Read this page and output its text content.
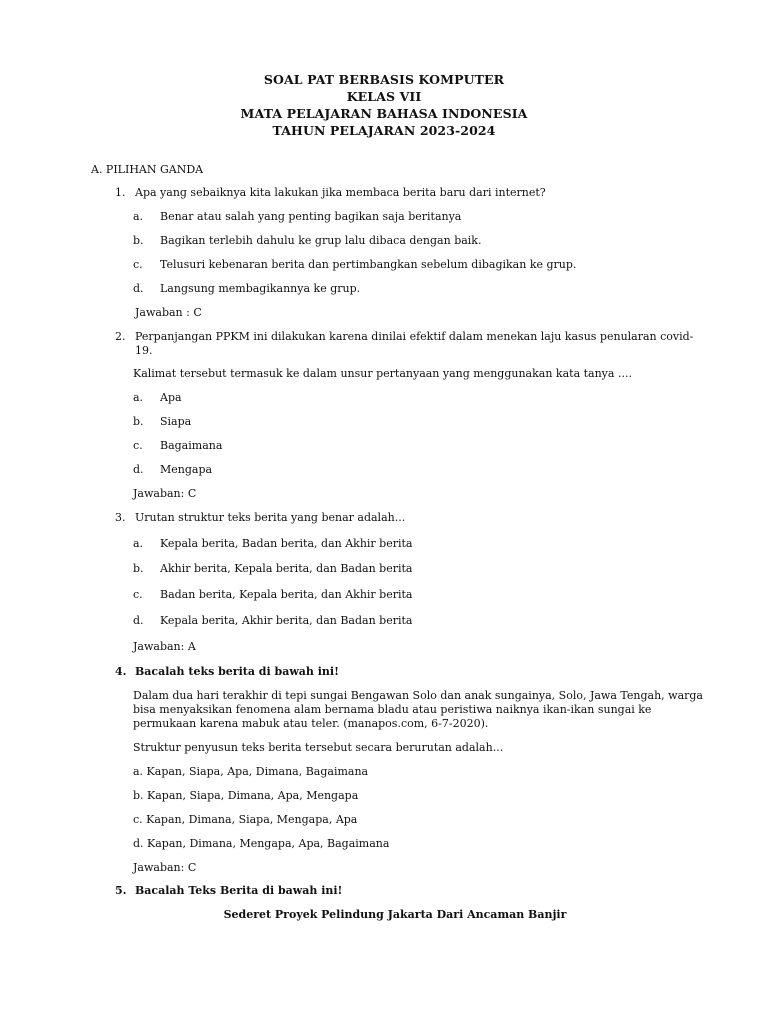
SOAL PAT BERBASIS KOMPUTER
KELAS VII
MATA PELAJARAN BAHASA INDONESIA
TAHUN PELAJARAN 2023-2024
A. PILIHAN GANDA
1. Apa yang sebaiknya kita lakukan jika membaca berita baru dari internet?
a. Benar atau salah yang penting bagikan saja beritanya
b. Bagikan terlebih dahulu ke grup lalu dibaca dengan baik.
c. Telusuri kebenaran berita dan pertimbangkan sebelum dibagikan ke grup.
d. Langsung membagikannya ke grup.
Jawaban : C
2. Perpanjangan PPKM ini dilakukan karena dinilai efektif dalam menekan laju kasus penularan covid-
19.
Kalimat tersebut termasuk ke dalam unsur pertanyaan yang menggunakan kata tanya ....
a. Apa
b. Siapa
c. Bagaimana
d. Mengapa
Jawaban: C
3. Urutan struktur teks berita yang benar adalah...
a. Kepala berita, Badan berita, dan Akhir berita
b. Akhir berita, Kepala berita, dan Badan berita
c. Badan berita, Kepala berita, dan Akhir berita
d. Kepala berita, Akhir berita, dan Badan berita
Jawaban: A
4. Bacalah teks berita di bawah ini!
Dalam dua hari terakhir di tepi sungai Bengawan Solo dan anak sungainya, Solo, Jawa Tengah, warga
bisa menyaksikan fenomena alam bernama bladu atau peristiwa naiknya ikan-ikan sungai ke
permukaan karena mabuk atau teler. (manapos.com, 6-7-2020).
Struktur penyusun teks berita tersebut secara berurutan adalah...
a. Kapan, Siapa, Apa, Dimana, Bagaimana
b. Kapan, Siapa, Dimana, Apa, Mengapa
c. Kapan, Dimana, Siapa, Mengapa, Apa
d. Kapan, Dimana, Mengapa, Apa, Bagaimana
Jawaban: C
5. Bacalah Teks Berita di bawah ini!
Sederet Proyek Pelindung Jakarta Dari Ancaman Banjir
